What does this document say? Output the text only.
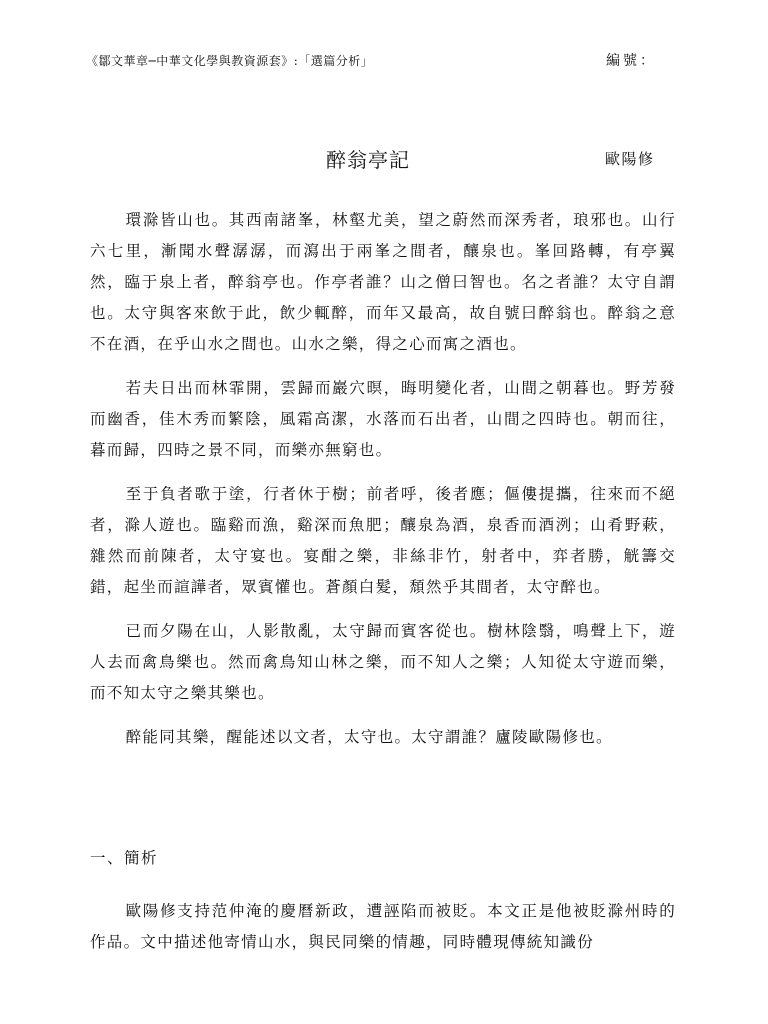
《鄒文華章─中華文化學與教資源套》:「選篇分析」	編號：
醉翁亭記	歐陽修

環滁皆山也。其西南諸峯，林壑尤美，望之蔚然而深秀者，琅邪也。山行六七里，漸聞水聲潺潺，而瀉出于兩峯之間者，釀泉也。峯回路轉，有亭翼然，臨于泉上者，醉翁亭也。作亭者誰？山之僧曰智也。名之者誰？太守自謂也。太守與客來飲于此，飲少輒醉，而年又最高，故自號曰醉翁也。醉翁之意不在酒，在乎山水之間也。山水之樂，得之心而寓之酒也。

若夫日出而林霏開，雲歸而巖穴暝，晦明變化者，山間之朝暮也。野芳發而幽香，佳木秀而繁陰，風霜高潔，水落而石出者，山間之四時也。朝而往，暮而歸，四時之景不同，而樂亦無窮也。

至于負者歌于塗，行者休于樹；前者呼，後者應；傴僂提攜，往來而不絕者，滁人遊也。臨谿而漁，谿深而魚肥；釀泉為酒，泉香而酒洌；山肴野蔌，雜然而前陳者，太守宴也。宴酣之樂，非絲非竹，射者中，弈者勝，觥籌交錯，起坐而諠譁者，眾賓懽也。蒼顏白髮，頹然乎其間者，太守醉也。

已而夕陽在山，人影散亂，太守歸而賓客從也。樹林陰翳，鳴聲上下，遊人去而禽鳥樂也。然而禽鳥知山林之樂，而不知人之樂；人知從太守遊而樂，而不知太守之樂其樂也。

醉能同其樂，醒能述以文者，太守也。太守謂誰？廬陵歐陽修也。

一、簡析

歐陽修支持范仲淹的慶曆新政，遭誣陷而被貶。本文正是他被貶滁州時的作品。文中描述他寄情山水，與民同樂的情趣，同時體現傳統知識份
